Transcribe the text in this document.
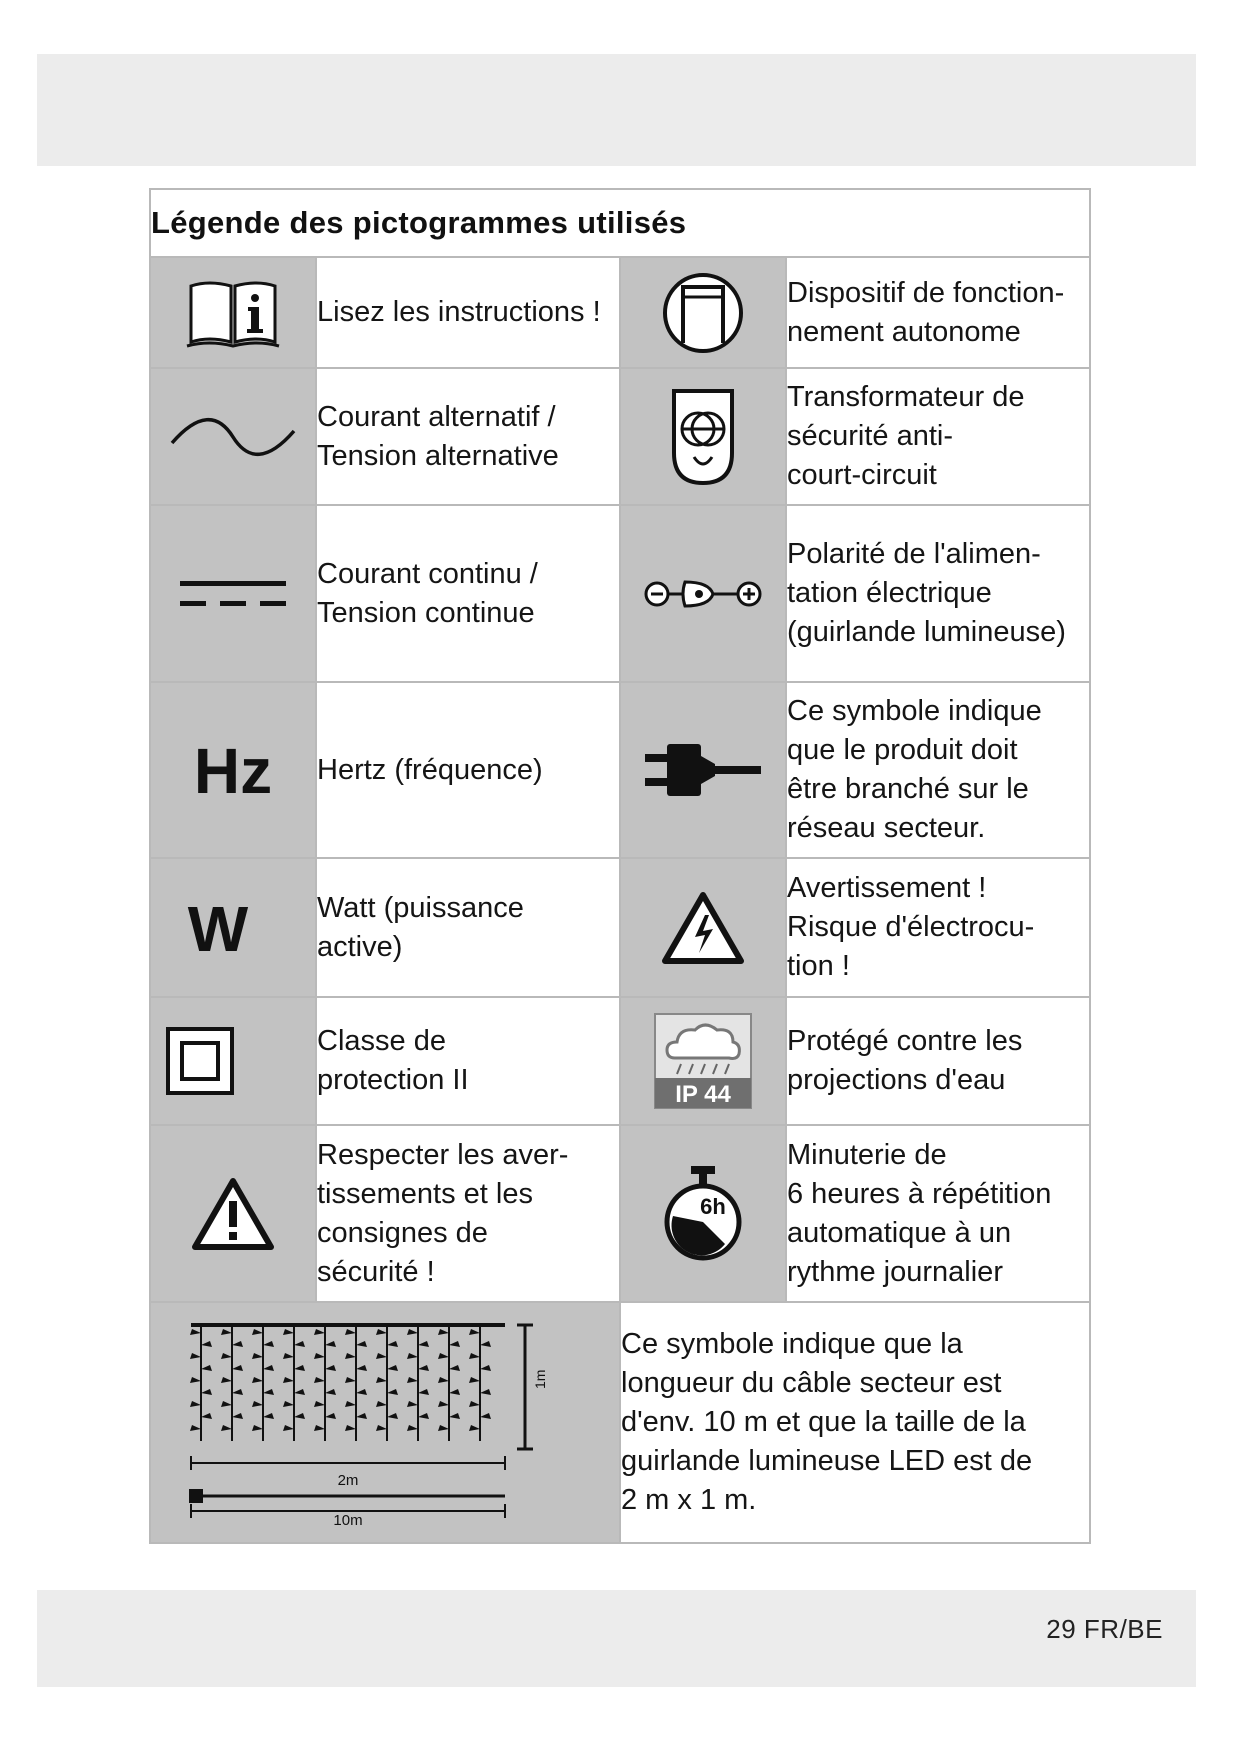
Légende des pictogrammes utilisés			

Lisez les instructions !		Dispositif de fonction-
nement autonome

Courant alternatif /
Tension alternative		Transformateur de
sécurité anti-
court-circuit

Courant continu /
Tension continue		Polarité de l'alimen-
tation électrique
(guirlande lumineuse)

Hz	Hertz (fréquence)		Ce symbole indique
que le produit doit
être branché sur le
réseau secteur.

W	Watt (puissance
active)		Avertissement !
Risque d'électrocu-
tion !

Classe de
protection II	IP 44	Protégé contre les
projections d'eau

Respecter les aver-
tissements et les
consignes de
sécurité !	6h	Minuterie de
6 heures à répétition
automatique à un
rythme journalier

1m
2m
10m		Ce symbole indique que la
longueur du câble secteur est
d'env. 10 m et que la taille de la
guirlande lumineuse LED est de
2 m x 1 m.	
29 FR/BE
